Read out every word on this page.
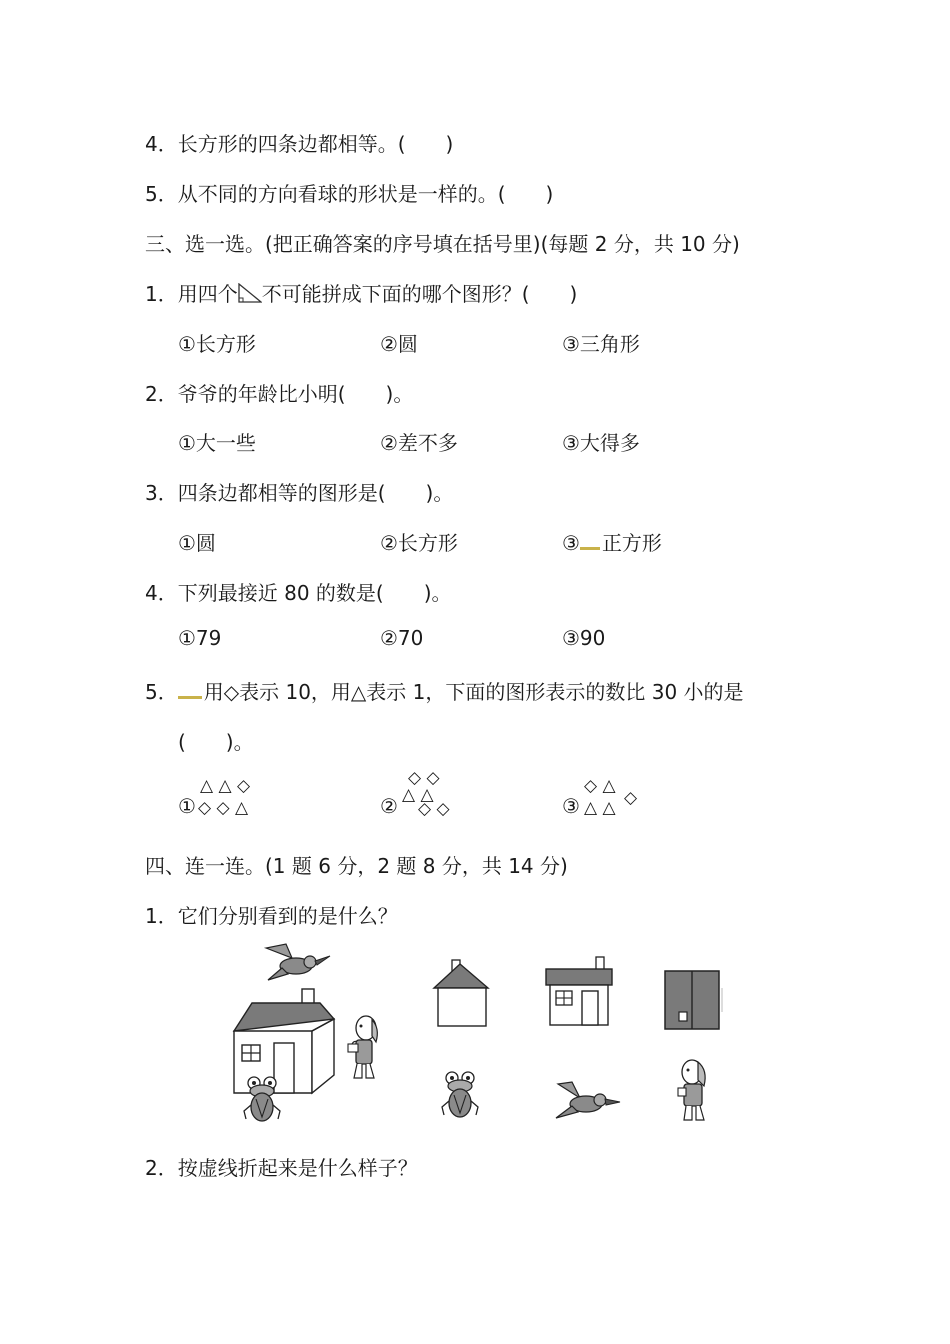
4．长方形的四条边都相等。(　　)
5．从不同的方向看球的形状是一样的。(　　)
三、选一选。(把正确答案的序号填在括号里)(每题 2 分，共 10 分)
1．用四个 不可能拼成下面的哪个图形？(　　)
①长方形	②圆	③三角形
2．爷爷的年龄比小明(　　)。
①大一些	②差不多	③大得多
3．四条边都相等的图形是(　　)。
①圆	②长方形	③ 正方形
4．下列最接近 80 的数是(　　)。
①79	②70	③90
5． 用◇表示 10，用△表示 1，下面的图形表示的数比 30 小的是
(　　)。
△ △ ◇
① ◇ ◇ △
◇ ◇
△ △
② ◇ ◇
◇ △
③ △ △ ◇
四、连一连。(1 题 6 分，2 题 8 分，共 14 分)
1．它们分别看到的是什么？
2．按虚线折起来是什么样子？
